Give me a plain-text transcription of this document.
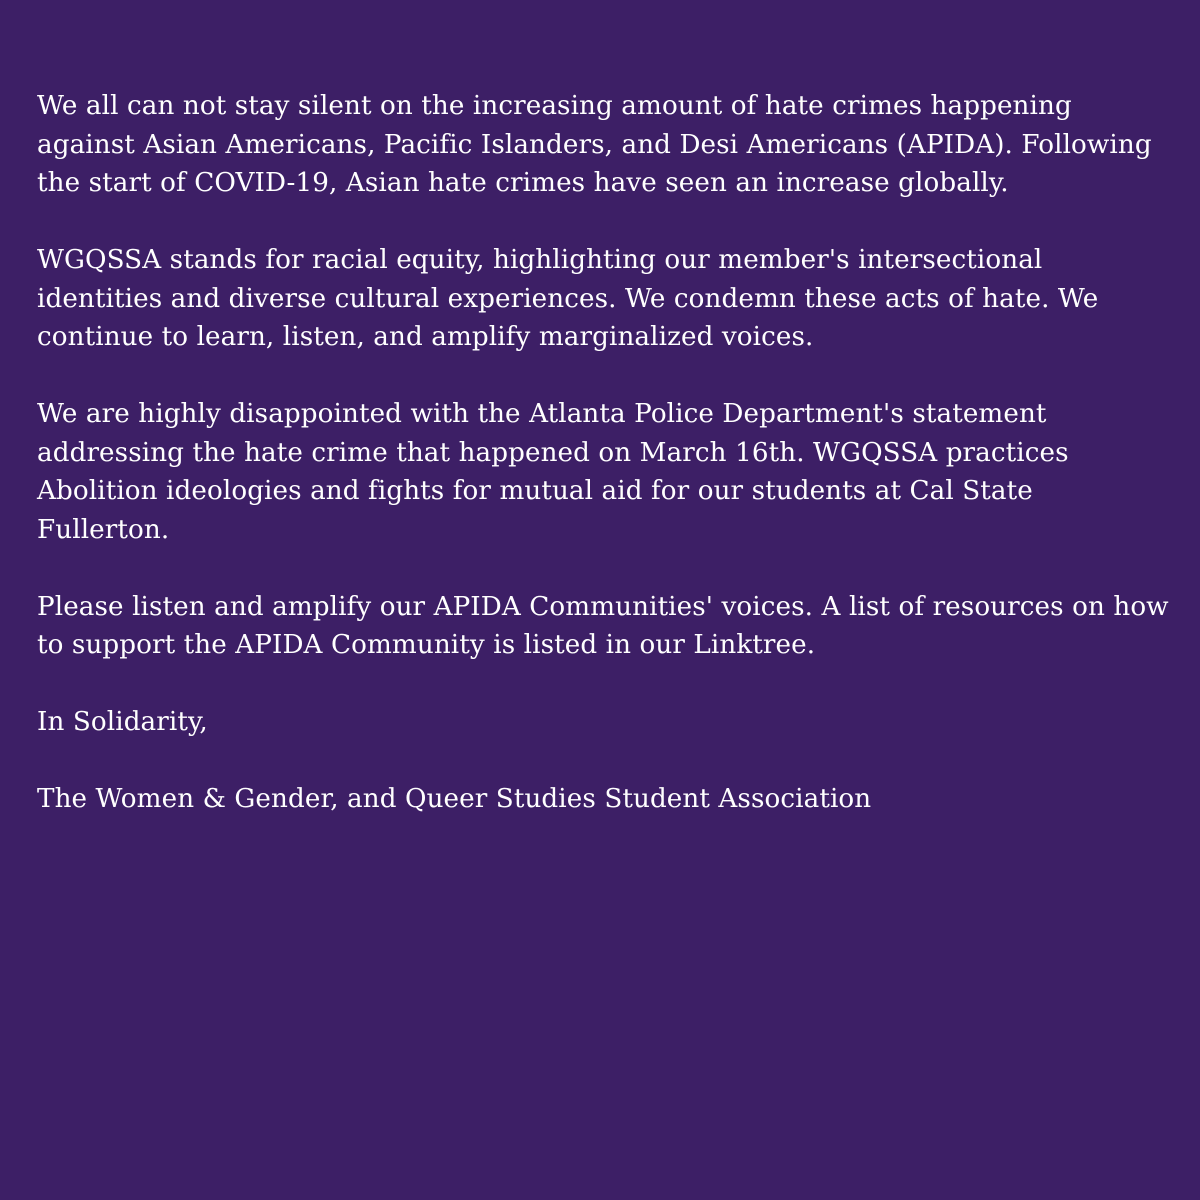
We all can not stay silent on the increasing amount of hate crimes happening against Asian Americans, Pacific Islanders, and Desi Americans (APIDA). Following the start of COVID-19, Asian hate crimes have seen an increase globally.

WGQSSA stands for racial equity, highlighting our member's intersectional identities and diverse cultural experiences. We condemn these acts of hate. We continue to learn, listen, and amplify marginalized voices.

We are highly disappointed with the Atlanta Police Department's statement addressing the hate crime that happened on March 16th. WGQSSA practices Abolition ideologies and fights for mutual aid for our students at Cal State Fullerton.

Please listen and amplify our APIDA Communities' voices. A list of resources on how to support the APIDA Community is listed in our Linktree.

In Solidarity,

The Women & Gender, and Queer Studies Student Association
